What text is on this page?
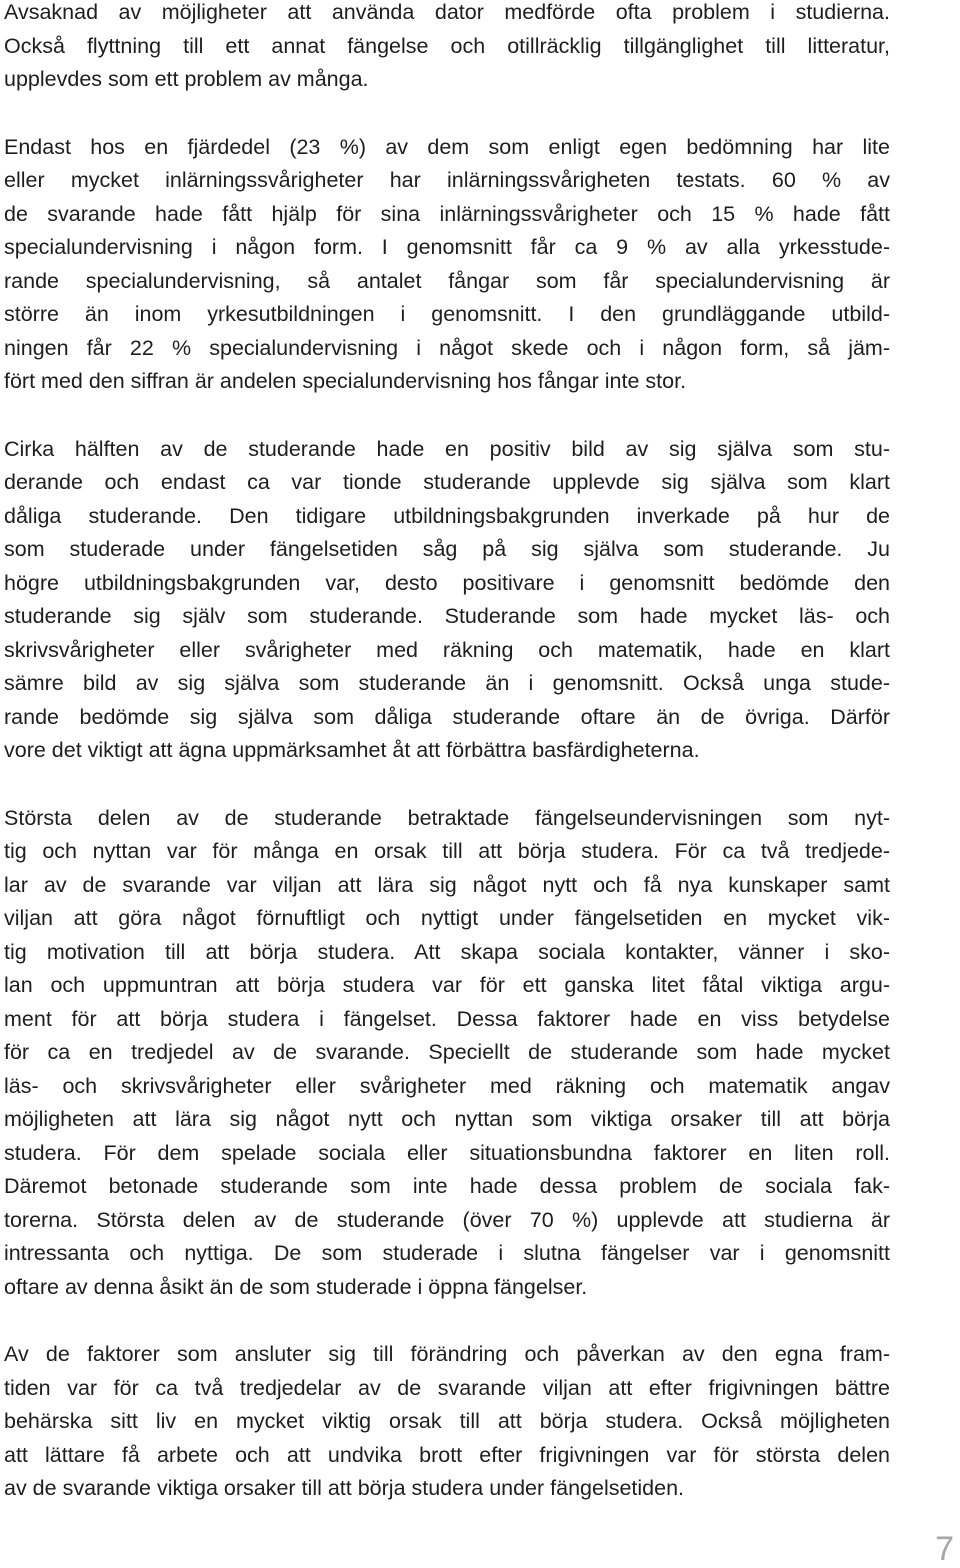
Avsaknad av möjligheter att använda dator medförde ofta problem i studierna.
Också flyttning till ett annat fängelse och otillräcklig tillgänglighet till litteratur,
upplevdes som ett problem av många.
Endast hos en fjärdedel (23 %) av dem som enligt egen bedömning har lite
eller mycket inlärningssvårigheter har inlärningssvårigheten testats. 60 % av
de svarande hade fått hjälp för sina inlärningssvårigheter och 15 % hade fått
specialundervisning i någon form. I genomsnitt får ca 9 % av alla yrkesstude-
rande specialundervisning, så antalet fångar som får specialundervisning är
större än inom yrkesutbildningen i genomsnitt. I den grundläggande utbild-
ningen får 22 % specialundervisning i något skede och i någon form, så jäm-
fört med den siffran är andelen specialundervisning hos fångar inte stor.
Cirka hälften av de studerande hade en positiv bild av sig själva som stu-
derande och endast ca var tionde studerande upplevde sig själva som klart
dåliga studerande. Den tidigare utbildningsbakgrunden inverkade på hur de
som studerade under fängelsetiden såg på sig själva som studerande. Ju
högre utbildningsbakgrunden var, desto positivare i genomsnitt bedömde den
studerande sig själv som studerande. Studerande som hade mycket läs- och
skrivsvårigheter eller svårigheter med räkning och matematik, hade en klart
sämre bild av sig själva som studerande än i genomsnitt. Också unga stude-
rande bedömde sig själva som dåliga studerande oftare än de övriga. Därför
vore det viktigt att ägna uppmärksamhet åt att förbättra basfärdigheterna.
Största delen av de studerande betraktade fängelseundervisningen som nyt-
tig och nyttan var för många en orsak till att börja studera. För ca två tredjede-
lar av de svarande var viljan att lära sig något nytt och få nya kunskaper samt
viljan att göra något förnuftligt och nyttigt under fängelsetiden en mycket vik-
tig motivation till att börja studera. Att skapa sociala kontakter, vänner i sko-
lan och uppmuntran att börja studera var för ett ganska litet fåtal viktiga argu-
ment för att börja studera i fängelset. Dessa faktorer hade en viss betydelse
för ca en tredjedel av de svarande. Speciellt de studerande som hade mycket
läs- och skrivsvårigheter eller svårigheter med räkning och matematik angav
möjligheten att lära sig något nytt och nyttan som viktiga orsaker till att börja
studera. För dem spelade sociala eller situationsbundna faktorer en liten roll.
Däremot betonade studerande som inte hade dessa problem de sociala fak-
torerna. Största delen av de studerande (över 70 %) upplevde att studierna är
intressanta och nyttiga. De som studerade i slutna fängelser var i genomsnitt
oftare av denna åsikt än de som studerade i öppna fängelser.
Av de faktorer som ansluter sig till förändring och påverkan av den egna fram-
tiden var för ca två tredjedelar av de svarande viljan att efter frigivningen bättre
behärska sitt liv en mycket viktig orsak till att börja studera. Också möjligheten
att lättare få arbete och att undvika brott efter frigivningen var för största delen
av de svarande viktiga orsaker till att börja studera under fängelsetiden.
7
